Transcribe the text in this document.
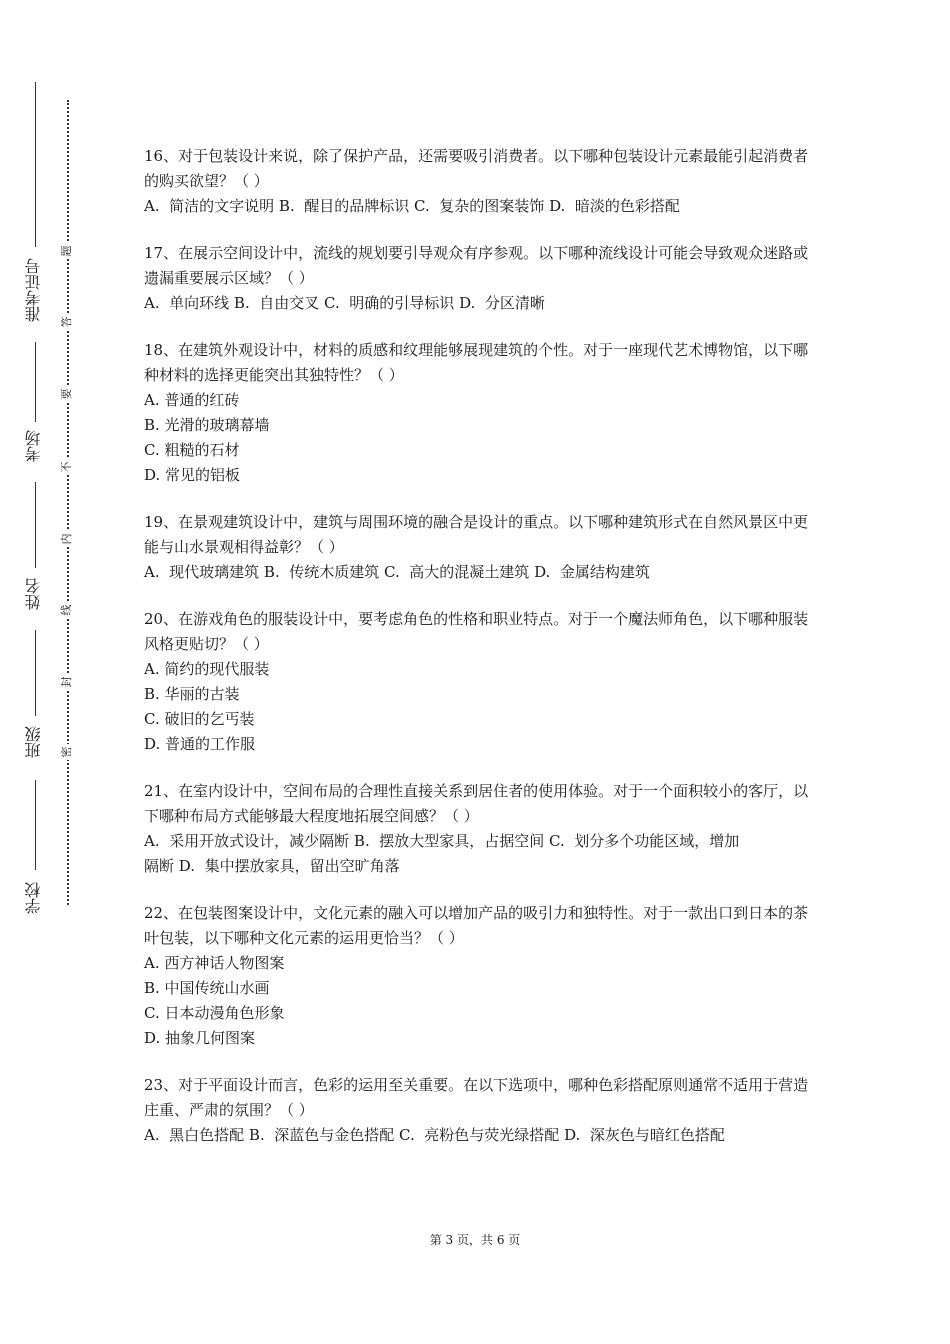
学校
班级
姓名
考场
准考证号
密
封
线
内
不
要
答
题
16、对于包装设计来说，除了保护产品，还需要吸引消费者。以下哪种包装设计元素最能引起消费者的购买欲望？（ ）
A.  简洁的文字说明 B.  醒目的品牌标识 C.  复杂的图案装饰 D.  暗淡的色彩搭配
17、在展示空间设计中，流线的规划要引导观众有序参观。以下哪种流线设计可能会导致观众迷路或遗漏重要展示区域？（ ）
A.  单向环线 B.  自由交叉 C.  明确的引导标识 D.  分区清晰
18、在建筑外观设计中，材料的质感和纹理能够展现建筑的个性。对于一座现代艺术博物馆，以下哪种材料的选择更能突出其独特性？（ ）
A. 普通的红砖
B. 光滑的玻璃幕墙
C. 粗糙的石材
D. 常见的铝板
19、在景观建筑设计中，建筑与周围环境的融合是设计的重点。以下哪种建筑形式在自然风景区中更能与山水景观相得益彰？（ ）
A.  现代玻璃建筑 B.  传统木质建筑 C.  高大的混凝土建筑 D.  金属结构建筑
20、在游戏角色的服装设计中，要考虑角色的性格和职业特点。对于一个魔法师角色，以下哪种服装风格更贴切？（ ）
A. 简约的现代服装
B. 华丽的古装
C. 破旧的乞丐装
D. 普通的工作服
21、在室内设计中，空间布局的合理性直接关系到居住者的使用体验。对于一个面积较小的客厅，以下哪种布局方式能够最大程度地拓展空间感？（ ）
A.  采用开放式设计，减少隔断 B.  摆放大型家具，占据空间 C.  划分多个功能区域，增加
隔断 D.  集中摆放家具，留出空旷角落
22、在包装图案设计中，文化元素的融入可以增加产品的吸引力和独特性。对于一款出口到日本的茶叶包装，以下哪种文化元素的运用更恰当？（ ）
A. 西方神话人物图案
B. 中国传统山水画
C. 日本动漫角色形象
D. 抽象几何图案
23、对于平面设计而言，色彩的运用至关重要。在以下选项中，哪种色彩搭配原则通常不适用于营造庄重、严肃的氛围？（ ）
A.  黑白色搭配 B.  深蓝色与金色搭配 C.  亮粉色与荧光绿搭配 D.  深灰色与暗红色搭配
第 3 页，共 6 页
